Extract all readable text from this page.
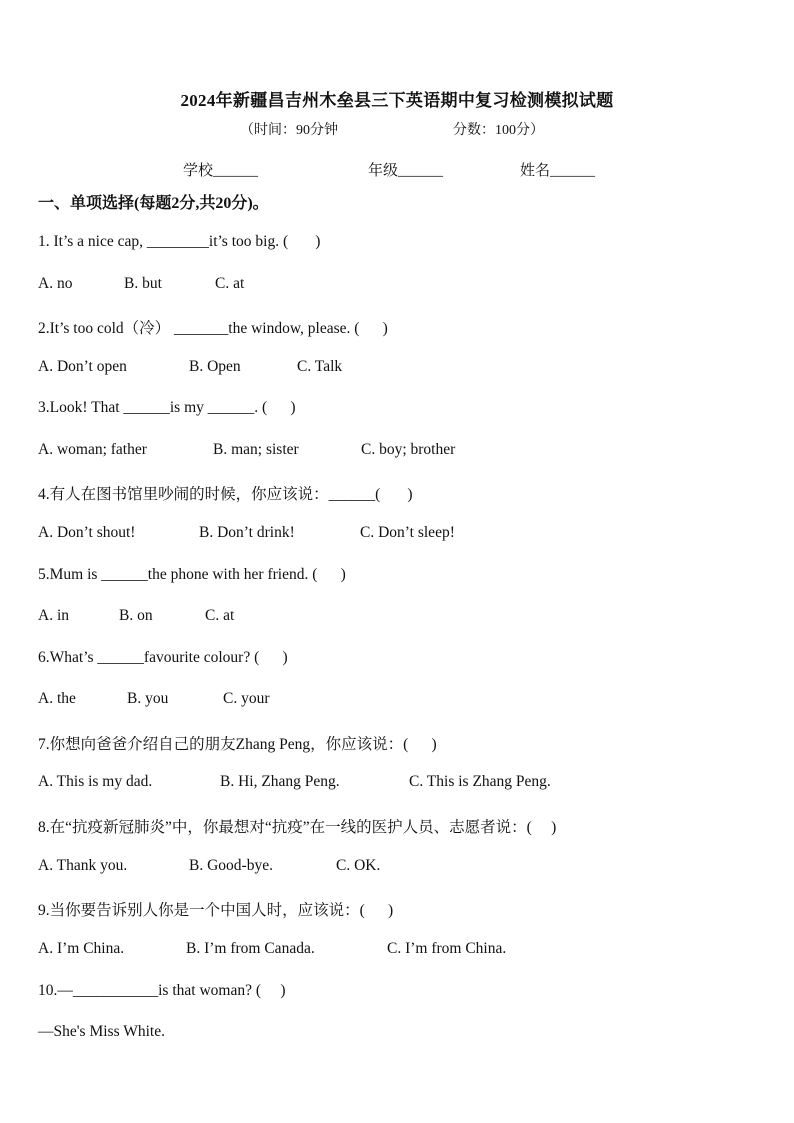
2024年新疆昌吉州木垒县三下英语期中复习检测模拟试题
（时间：90分钟	分数：100分）
学校______	年级______	姓名______
一、单项选择(每题2分,共20分)。
1. It’s a nice cap, ________it’s too big. (       )
A. no	B. but	C. at
2.It’s too cold（冷） _______the window, please. (      )
A. Don’t open	B. Open	C. Talk
3.Look! That ______is my ______. (      )
A. woman; father	B. man; sister	C. boy; brother
4.有人在图书馆里吵闹的时候，你应该说：______(       )
A. Don’t shout!	B. Don’t drink!	C. Don’t sleep!
5.Mum is ______the phone with her friend. (      )
A. in	B. on	C. at
6.What’s ______favourite colour? (      )
A. the	B. you	C. your
7.你想向爸爸介绍自己的朋友Zhang Peng，你应该说：(      )
A. This is my dad.	B. Hi, Zhang Peng.	C. This is Zhang Peng.
8.在“抗疫新冠肺炎”中，你最想对“抗疫”在一线的医护人员、志愿者说：(     )
A. Thank you.	B. Good-bye.	C. OK.
9.当你要告诉别人你是一个中国人时，应该说：(      )
A. I’m China.	B. I’m from Canada.	C. I’m from China.
10.—___________is that woman? (     )
—She's Miss White.
